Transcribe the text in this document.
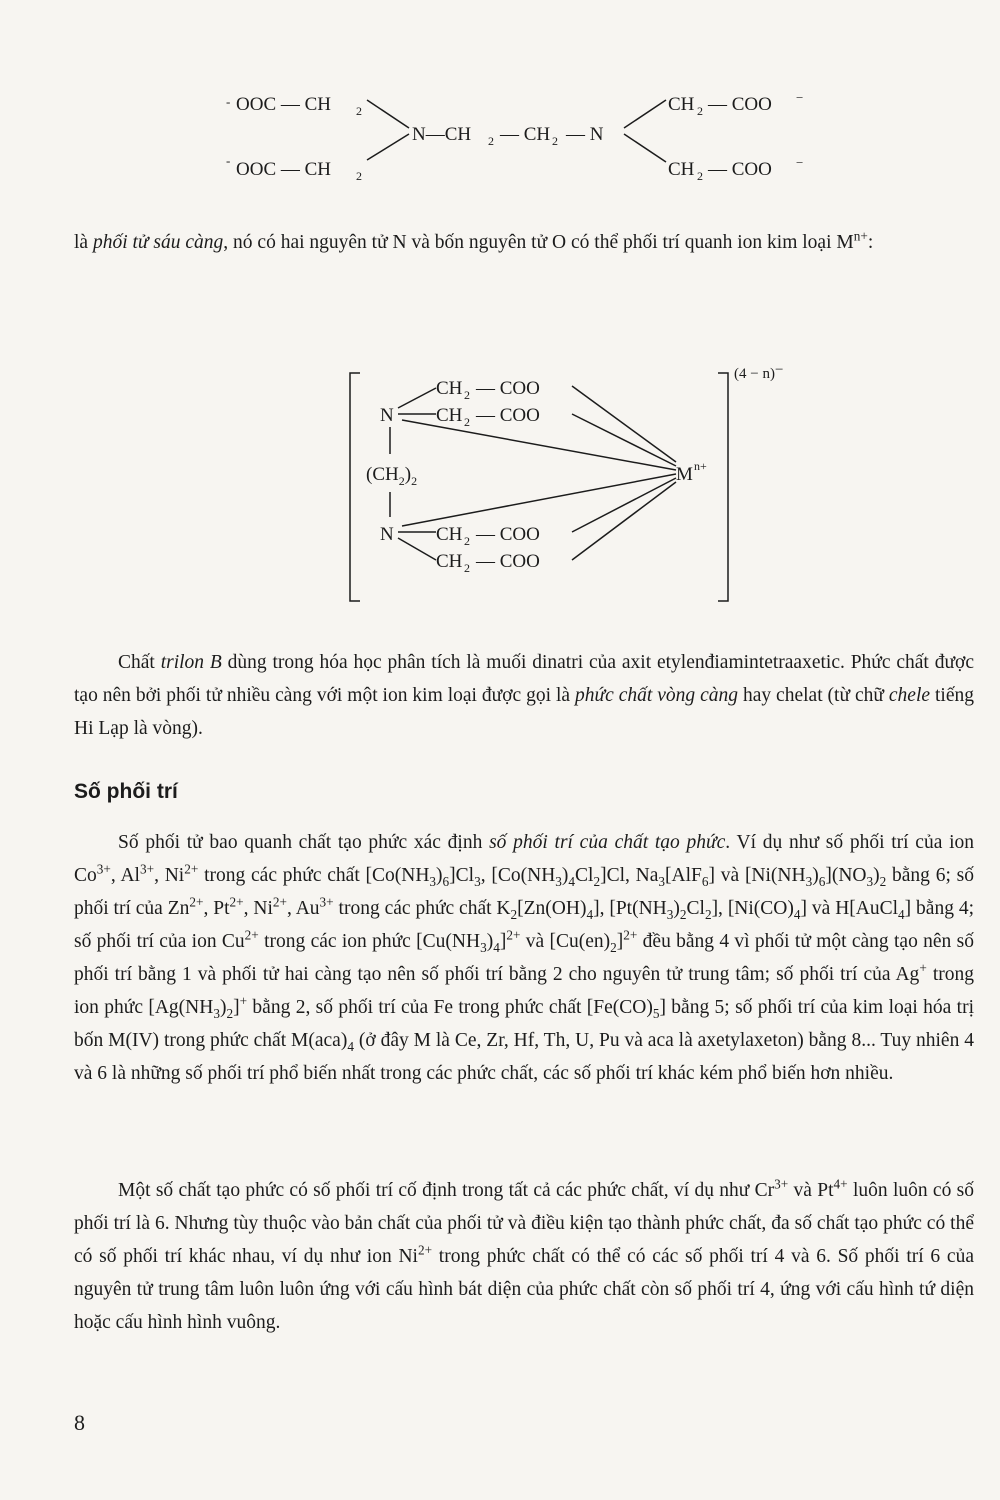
- OOC — CH 2
- OOC — CH 2
N—CH 2 — CH 2 — N
CH 2 — COO −
CH 2 — COO −
là phối tử sáu càng, nó có hai nguyên tử N và bốn nguyên tử O có thể phối trí quanh ion kim loại $M^{n+}$:
CH 2 — COO
N CH 2 — COO
$(CH_2)_2$	M n+
N CH 2 — COO
CH 2 — COO
(4 − n)−
Chất trilon B dùng trong hóa học phân tích là muối dinatri của axit etylenđiamintetraaxetic. Phức chất được tạo nên bởi phối tử nhiều càng với một ion kim loại được gọi là phức chất vòng càng hay chelat (từ chữ chele tiếng Hi Lạp là vòng).
Số phối trí
Số phối tử bao quanh chất tạo phức xác định số phối trí của chất tạo phức. Ví dụ như số phối trí của ion $Co^{3+}$, $Al^{3+}$, $Ni^{2+}$ trong các phức chất $[Co(NH_3)_6]Cl_3$, $[Co(NH_3)_4Cl_2]Cl$, $Na_3[AlF_6]$ và $[Ni(NH_3)_6](NO_3)_2$ bằng 6; số phối trí của $Zn^{2+}$, $Pt^{2+}$, $Ni^{2+}$, $Au^{3+}$ trong các phức chất $K_2[Zn(OH)_4]$, $[Pt(NH_3)_2Cl_2]$, $[Ni(CO)_4]$ và H[AuCl$_4$] bằng 4; số phối trí của ion $Cu^{2+}$ trong các ion phức $[Cu(NH_3)_4]^{2+}$ và $[Cu(en)_2]^{2+}$ đều bằng 4 vì phối tử một càng tạo nên số phối trí bằng 1 và phối tử hai càng tạo nên số phối trí bằng 2 cho nguyên tử trung tâm; số phối trí của Ag+ trong ion phức $[Ag(NH_3)_2]^+$ bằng 2, số phối trí của Fe trong phức chất $[Fe(CO)_5]$ bằng 5; số phối trí của kim loại hóa trị bốn M(IV) trong phức chất $M(aca)_4$ (ở đây M là Ce, Zr, Hf, Th, U, Pu và aca là axetylaxeton) bằng 8... Tuy nhiên 4 và 6 là những số phối trí phổ biến nhất trong các phức chất, các số phối trí khác kém phổ biến hơn nhiều.
Một số chất tạo phức có số phối trí cố định trong tất cả các phức chất, ví dụ như $Cr^{3+}$ và $Pt^{4+}$ luôn luôn có số phối trí là 6. Nhưng tùy thuộc vào bản chất của phối tử và điều kiện tạo thành phức chất, đa số chất tạo phức có thể có số phối trí khác nhau, ví dụ như ion $Ni^{2+}$ trong phức chất có thể có các số phối trí 4 và 6. Số phối trí 6 của nguyên tử trung tâm luôn luôn ứng với cấu hình bát diện của phức chất còn số phối trí 4, ứng với cấu hình tứ diện hoặc cấu hình hình vuông.
8
